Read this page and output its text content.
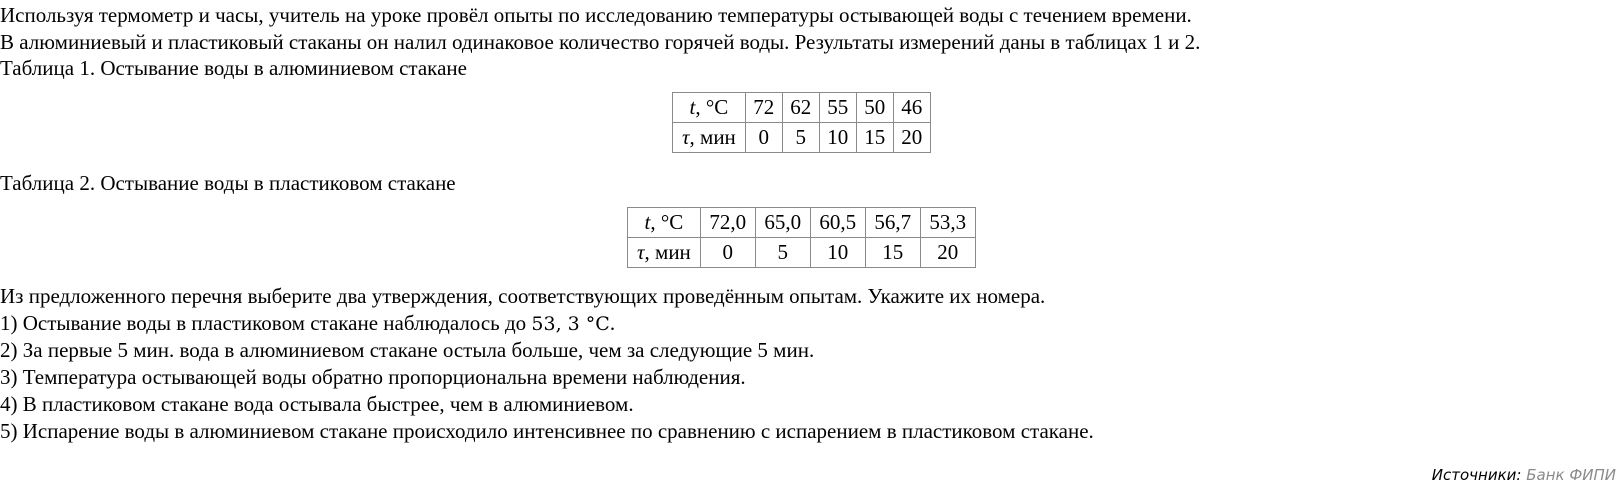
Используя термометр и часы, учитель на уроке провёл опыты по исследованию температуры остывающей воды с течением времени.
В алюминиевый и пластиковый стаканы он налил одинаковое количество горячей воды. Результаты измерений даны в таблицах 1 и 2.
Таблица 1. Остывание воды в алюминиевом стакане
t, °C	72	62	55	50	46
τ, мин	0	5	10	15	20
Таблица 2. Остывание воды в пластиковом стакане
t, °C	72,0	65,0	60,5	56,7	53,3
τ, мин	0	5	10	15	20
Из предложенного перечня выберите два утверждения, соответствующих проведённым опытам. Укажите их номера.
1) Остывание воды в пластиковом стакане наблюдалось до 53, 3 °C.
2) За первые 5 мин. вода в алюминиевом стакане остыла больше, чем за следующие 5 мин.
3) Температура остывающей воды обратно пропорциональна времени наблюдения.
4) В пластиковом стакане вода остывала быстрее, чем в алюминиевом.
5) Испарение воды в алюминиевом стакане происходило интенсивнее по сравнению с испарением в пластиковом стакане.
Источники: Банк ФИПИ
